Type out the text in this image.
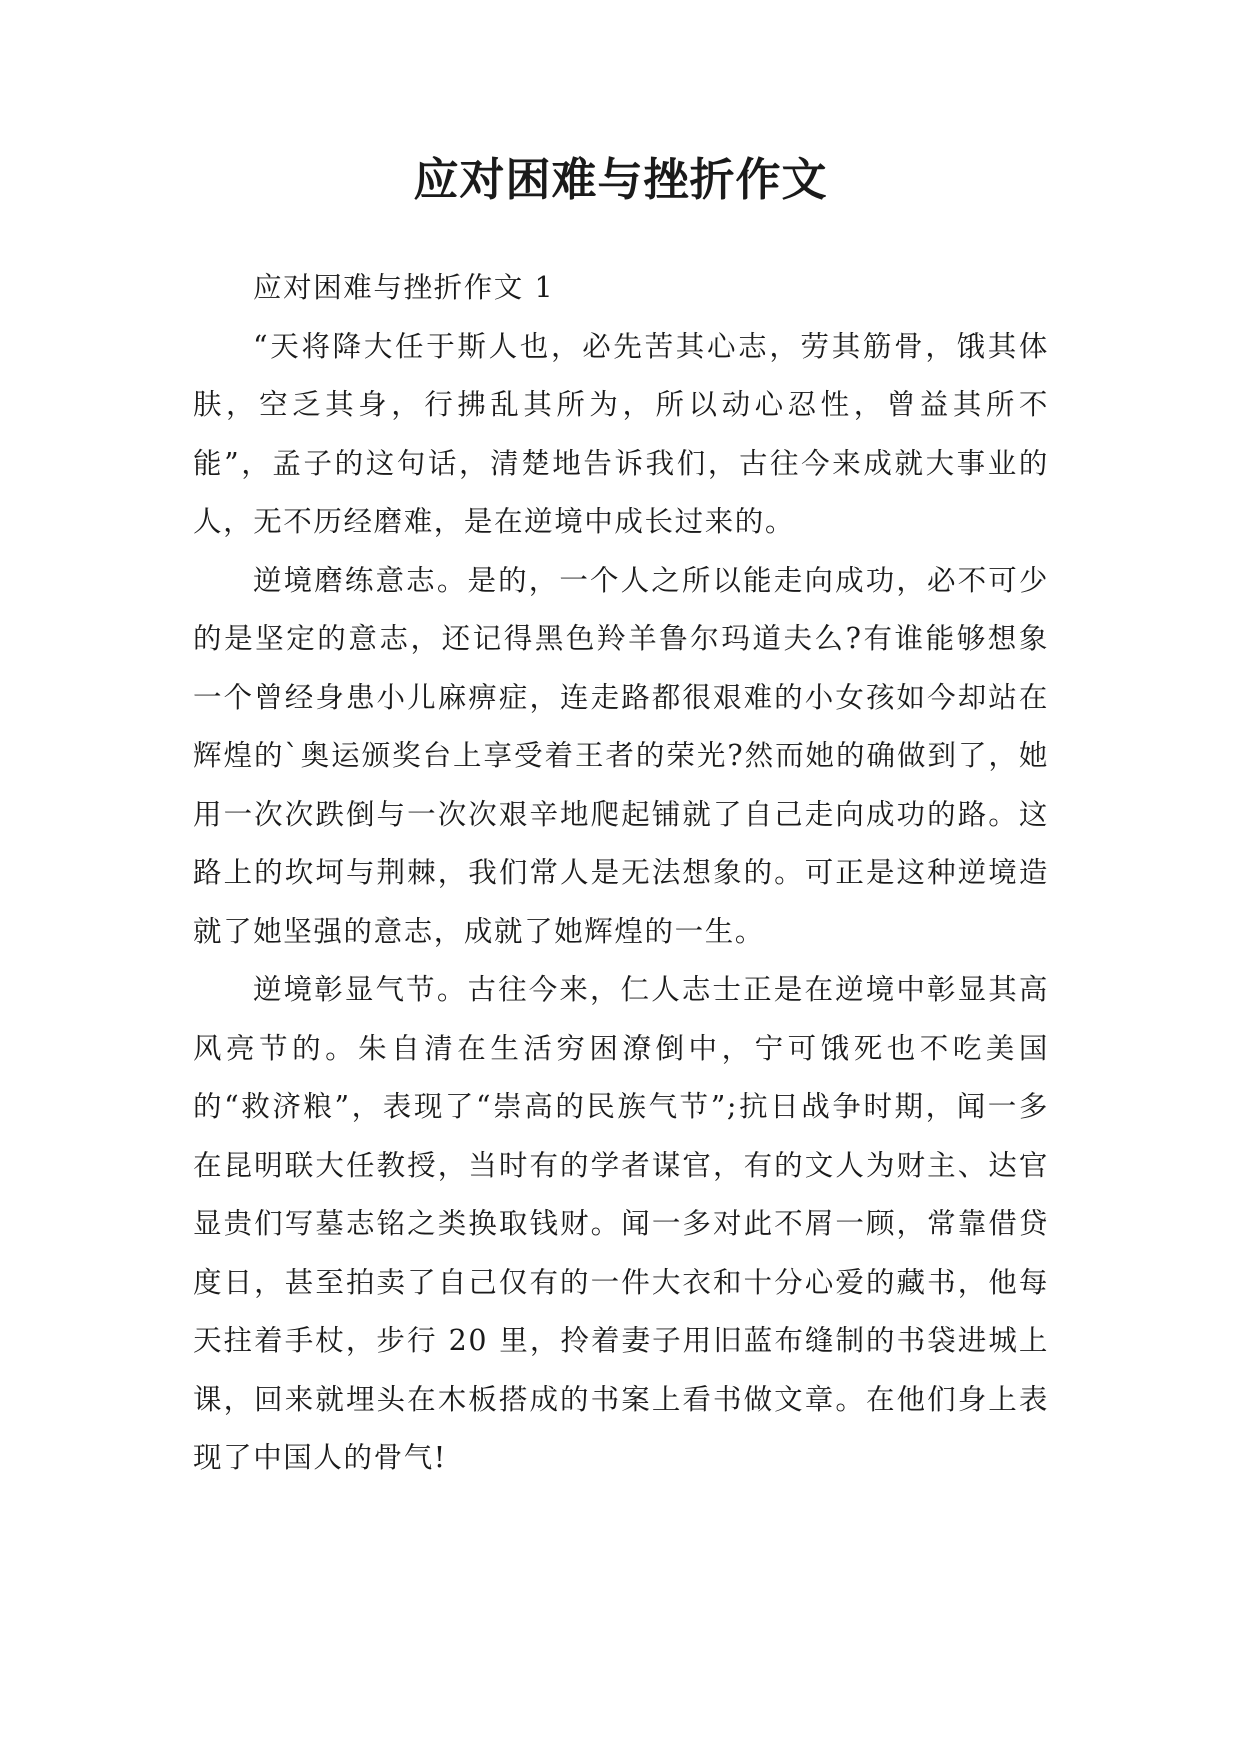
应对困难与挫折作文

应对困难与挫折作文 1

“天将降大任于斯人也，必先苦其心志，劳其筋骨，饿其体肤，空乏其身，行拂乱其所为，所以动心忍性，曾益其所不能”，孟子的这句话，清楚地告诉我们，古往今来成就大事业的人，无不历经磨难，是在逆境中成长过来的。

逆境磨练意志。是的，一个人之所以能走向成功，必不可少的是坚定的意志，还记得黑色羚羊鲁尔玛道夫么?有谁能够想象一个曾经身患小儿麻痹症，连走路都很艰难的小女孩如今却站在辉煌的`奥运颁奖台上享受着王者的荣光?然而她的确做到了，她用一次次跌倒与一次次艰辛地爬起铺就了自己走向成功的路。这路上的坎坷与荆棘，我们常人是无法想象的。可正是这种逆境造就了她坚强的意志，成就了她辉煌的一生。

逆境彰显气节。古往今来，仁人志士正是在逆境中彰显其高风亮节的。朱自清在生活穷困潦倒中，宁可饿死也不吃美国的“救济粮”，表现了“崇高的民族气节”;抗日战争时期，闻一多在昆明联大任教授，当时有的学者谋官，有的文人为财主、达官显贵们写墓志铭之类换取钱财。闻一多对此不屑一顾，常靠借贷度日，甚至拍卖了自己仅有的一件大衣和十分心爱的藏书，他每天拄着手杖，步行 20 里，拎着妻子用旧蓝布缝制的书袋进城上课，回来就埋头在木板搭成的书案上看书做文章。在他们身上表现了中国人的骨气!
